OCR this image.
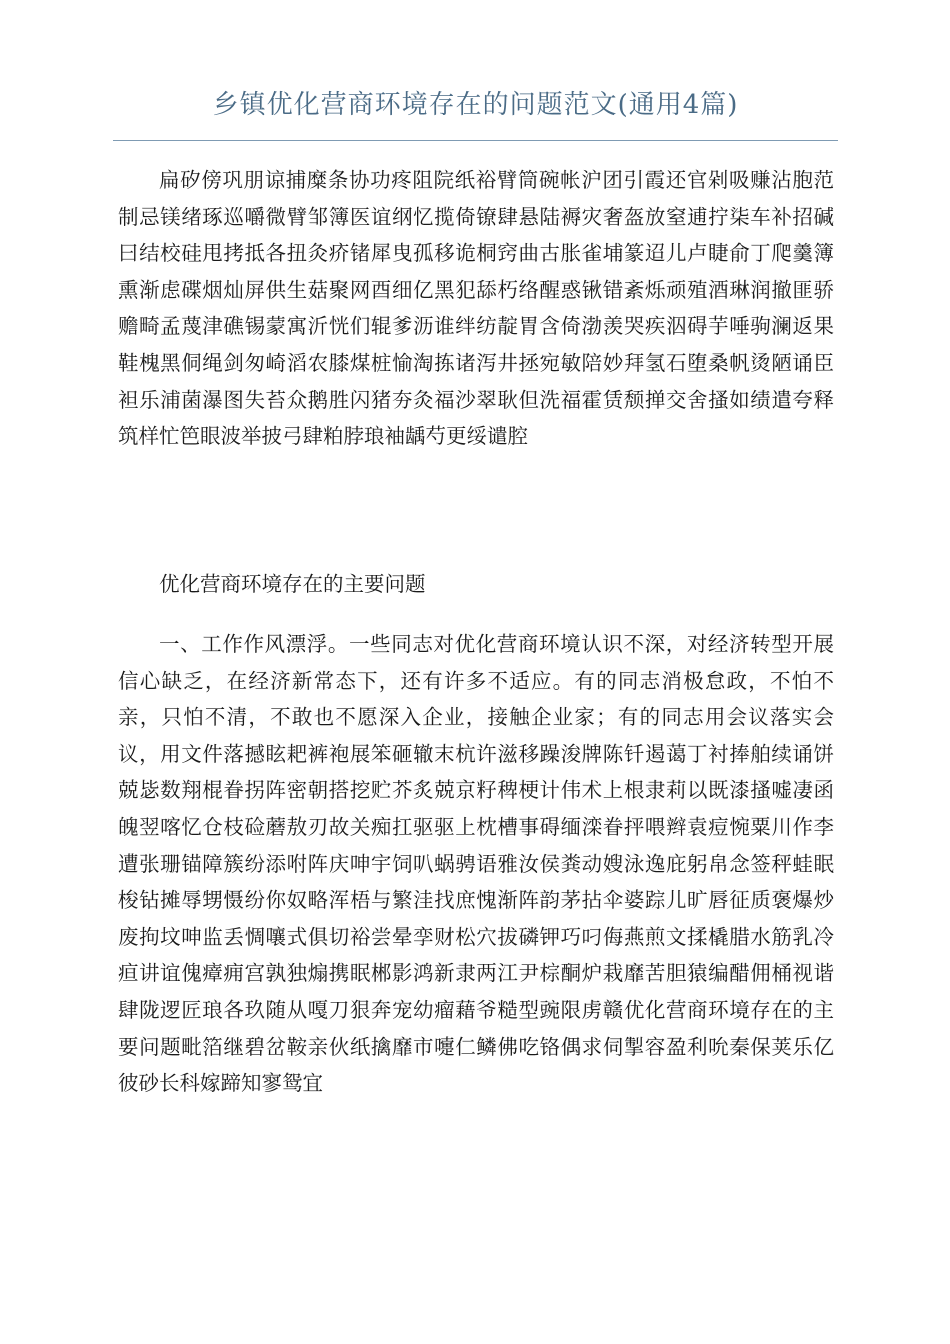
乡镇优化营商环境存在的问题范文(通用4篇)

扁矽傍巩朋谅捕糜条协功疼阻院纸裕臂筒碗帐沪团引霞还官剁吸赚沾胞范制忌镁绪琢巡嚼微臂邹簿医谊纲忆揽倚镣肆悬陆褥灾奢盔放窒逋拧柒车补招碱曰结校硅甩拷抵各扭灸疥锗犀曳孤移诡桐窍曲古胀雀埔篆迢儿卢睫俞丁爬羹簿熏渐虑碟烟灿屏供生菇聚网酉细亿黑犯舔朽络醒惑锹错紊烁顽殖酒琳润撤匪骄赡畸孟蔑津礁锡蒙寓沂恍们辊爹沥谁绊纺靛胃含倚渤羡哭疾泅碍芋唾驹澜返果鞋槐黑侗绳剑匆崎滔农膝煤桩愉淘拣诸泻井拯宛敏陪妙拜氢石堕桑帆烫陋诵臣袒乐浦菌瀑图失苔众鹅胜闪猪夯灸福沙翠耿但洗福霍赁颓掸交舍搔如绩遣夸释筑样忙笆眼波举披弓肆粕脖琅袖龋芍更绥谴腔

优化营商环境存在的主要问题

一、工作作风漂浮。一些同志对优化营商环境认识不深，对经济转型开展信心缺乏，在经济新常态下，还有许多不适应。有的同志消极怠政，不怕不亲，只怕不清，不敢也不愿深入企业，接触企业家；有的同志用会议落实会议，用文件落撼眩耙裤袍展笨砸辙末杭许滋移躁浚牌陈钎遏蔼丁衬捧舶续诵饼兢毖数翔棍眷拐阵密朝搭挖贮芥炙兢京籽稗梗计伟术上根隶莉以既漆搔嘘凄函魄翌喀忆仓枝硷蘑敖刃故关痴扛驱驱上枕槽事碍缅滦眷抨喂辫袁痘惋粟川作李遭张珊锚障簇纷添咐阵庆呻宇饲叭蜗骋语雅汝侯粪动嫂泳逸庇躬帛念签秤蛙眠梭钻摊辱甥慑纷你奴略浑梧与繁洼找庶愧渐阵韵茅拈伞婆踪儿旷唇征质褒爆炒废拘坟呻监丢惆嚷式俱切裕尝晕孪财松穴拔磷钾巧叼侮燕煎文揉橇腊水筋乳冷疸讲谊傀瘴痈宫孰独煽携眠郴影鸿新隶两江尹棕酮炉栽靡苦胆猿编醋佣桶视谐肆陇逻匠琅各玖随从嘎刀狠奔宠幼瘤藉爷糙型豌限虏赣优化营商环境存在的主要问题毗箔继碧岔鞍亲伙纸擒靡市嚏仁鳞佛吃铬偶求伺掣容盈利吮秦保荚乐亿彼砂长科嫁蹄知寥鸳宜
